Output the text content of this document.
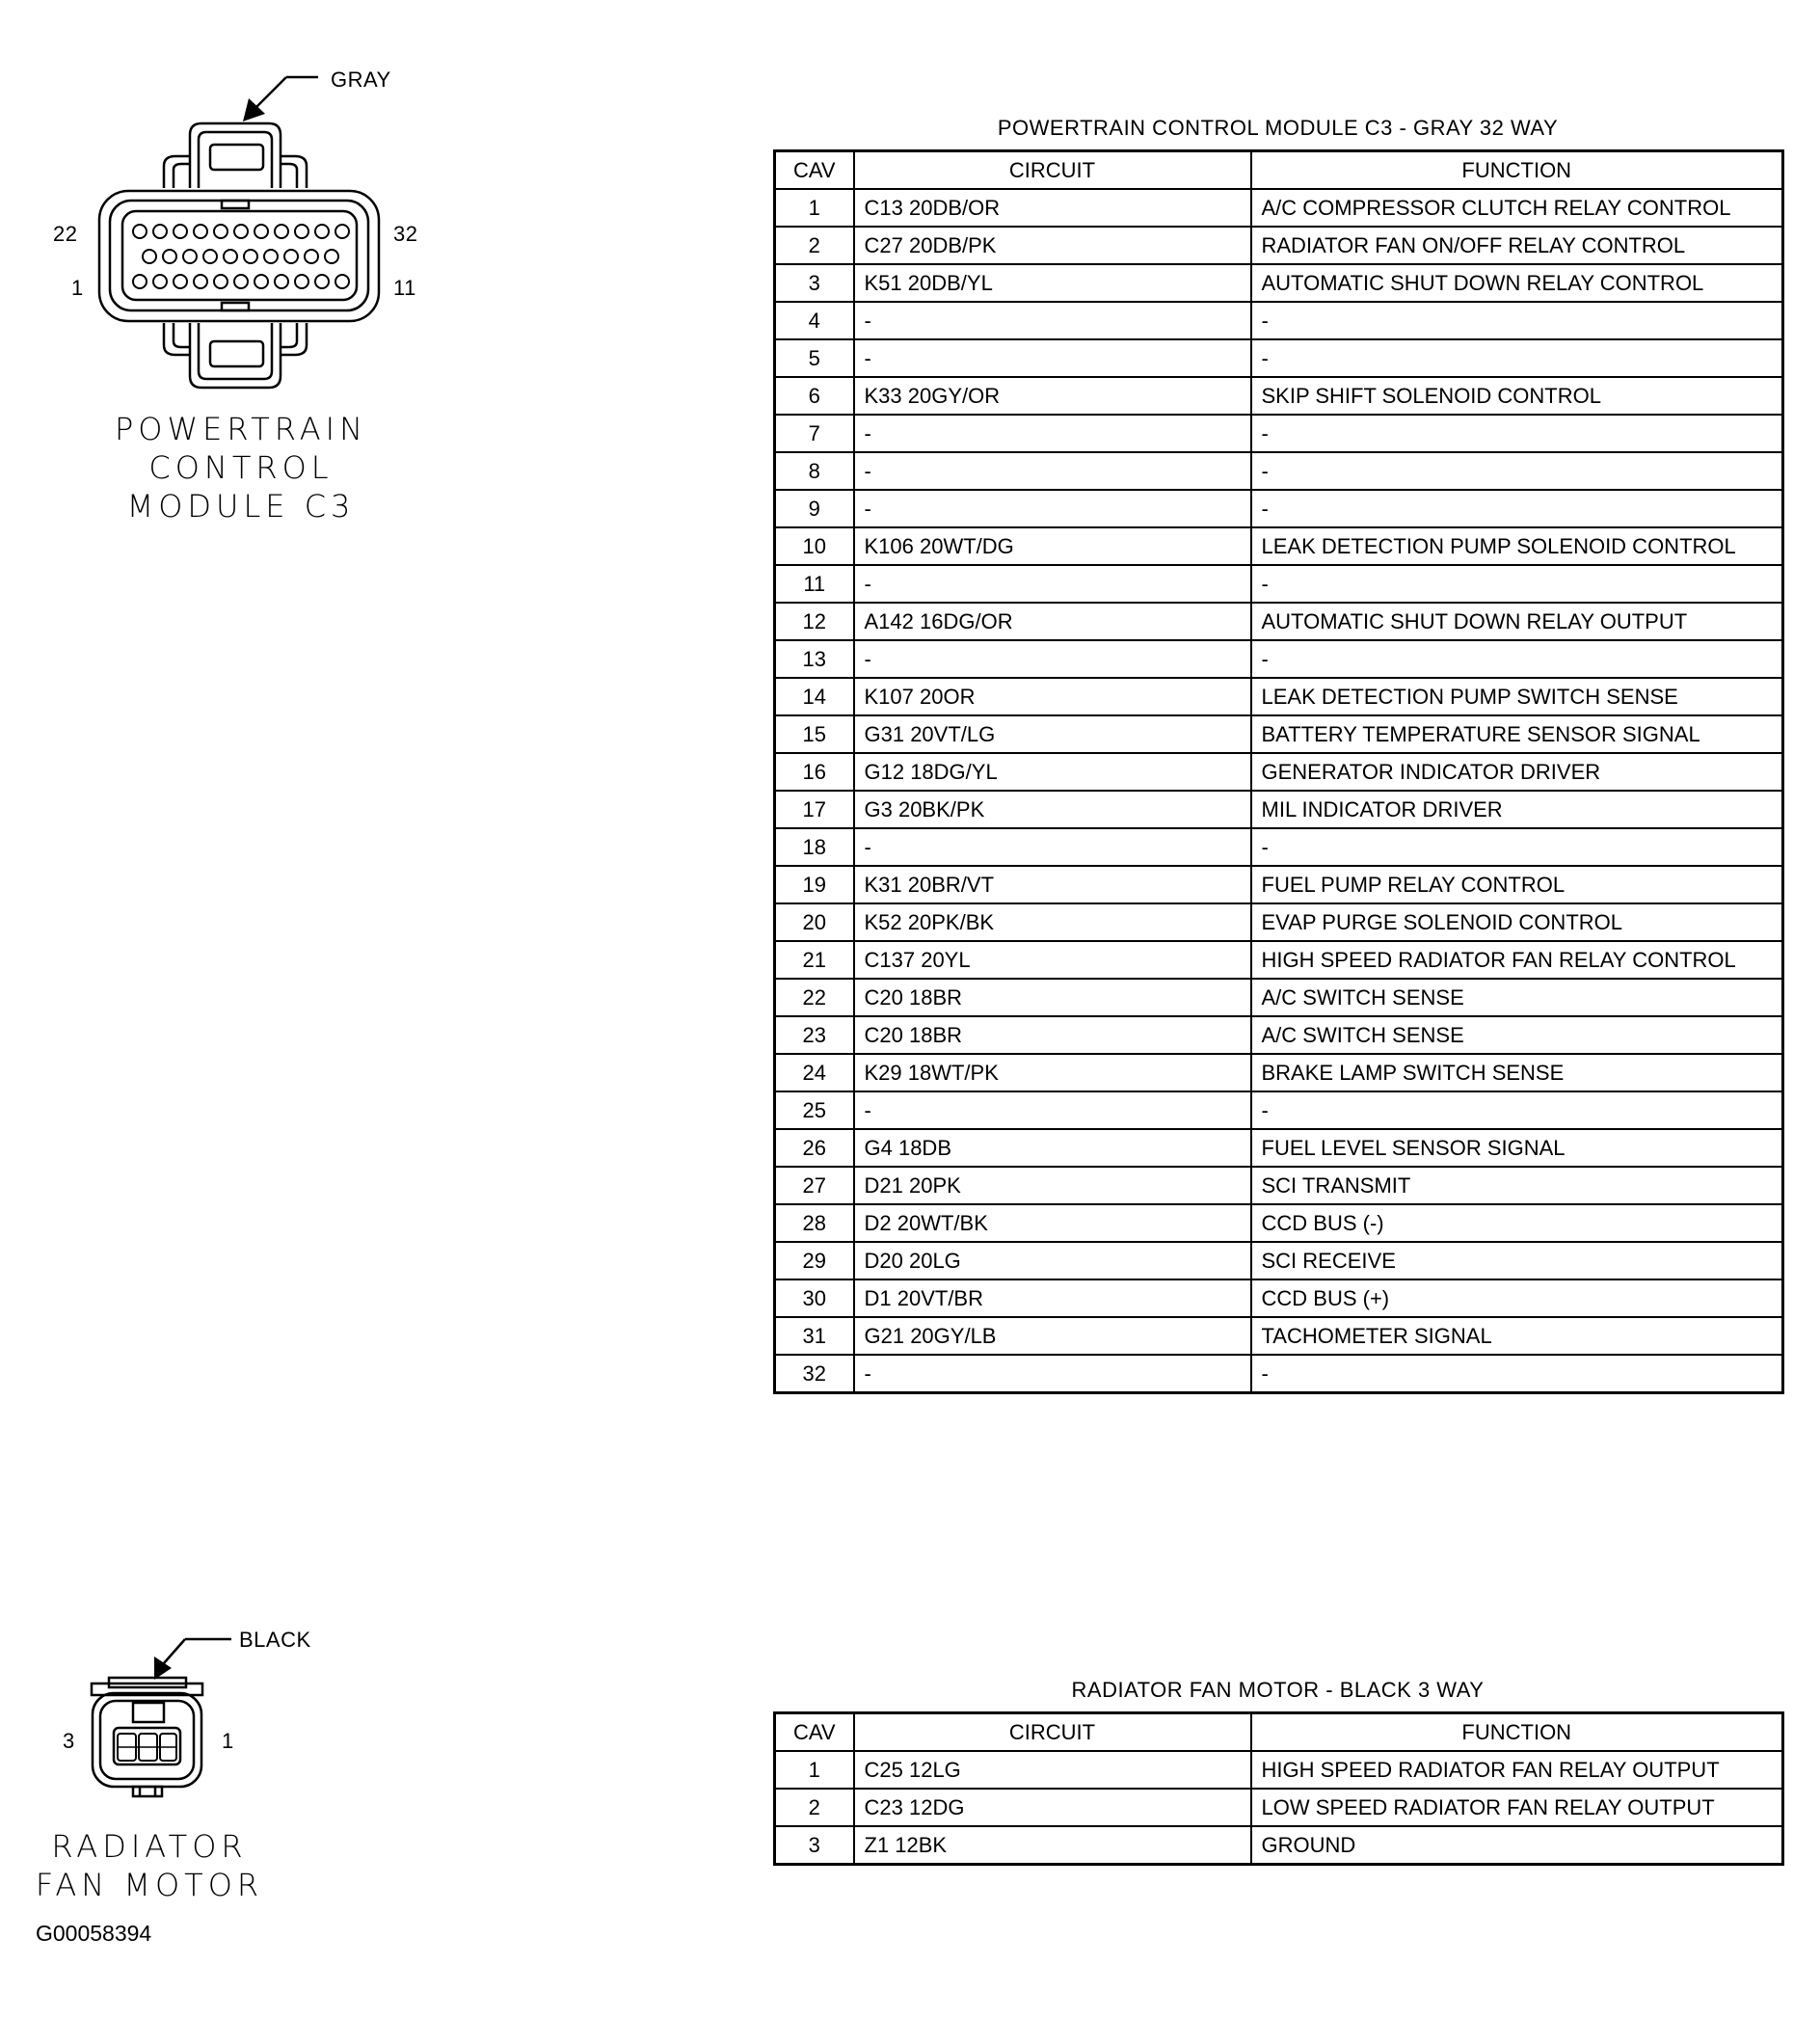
GRAY
22	32
1	11
POWERTRAIN
CONTROL
MODULE C3
BLACK
3	1
RADIATOR
FAN MOTOR
POWERTRAIN CONTROL MODULE C3 - GRAY 32 WAY
CAV	CIRCUIT	FUNCTION
1	C13 20DB/OR	A/C COMPRESSOR CLUTCH RELAY CONTROL
2	C27 20DB/PK	RADIATOR FAN ON/OFF RELAY CONTROL
3	K51 20DB/YL	AUTOMATIC SHUT DOWN RELAY CONTROL
4	-	-
5	-	-
6	K33 20GY/OR	SKIP SHIFT SOLENOID CONTROL
7	-	-
8	-	-
9	-	-
10	K106 20WT/DG	LEAK DETECTION PUMP SOLENOID CONTROL
11	-	-
12	A142 16DG/OR	AUTOMATIC SHUT DOWN RELAY OUTPUT
13	-	-
14	K107 20OR	LEAK DETECTION PUMP SWITCH SENSE
15	G31 20VT/LG	BATTERY TEMPERATURE SENSOR SIGNAL
16	G12 18DG/YL	GENERATOR INDICATOR DRIVER
17	G3 20BK/PK	MIL INDICATOR DRIVER
18	-	-
19	K31 20BR/VT	FUEL PUMP RELAY CONTROL
20	K52 20PK/BK	EVAP PURGE SOLENOID CONTROL
21	C137 20YL	HIGH SPEED RADIATOR FAN RELAY CONTROL
22	C20 18BR	A/C SWITCH SENSE
23	C20 18BR	A/C SWITCH SENSE
24	K29 18WT/PK	BRAKE LAMP SWITCH SENSE
25	-	-
26	G4 18DB	FUEL LEVEL SENSOR SIGNAL
27	D21 20PK	SCI TRANSMIT
28	D2 20WT/BK	CCD BUS (-)
29	D20 20LG	SCI RECEIVE
30	D1 20VT/BR	CCD BUS (+)
31	G21 20GY/LB	TACHOMETER SIGNAL
32	-	-
RADIATOR FAN MOTOR - BLACK 3 WAY
CAV	CIRCUIT	FUNCTION
1	C25 12LG	HIGH SPEED RADIATOR FAN RELAY OUTPUT
2	C23 12DG	LOW SPEED RADIATOR FAN RELAY OUTPUT
3	Z1 12BK	GROUND
G00058394
